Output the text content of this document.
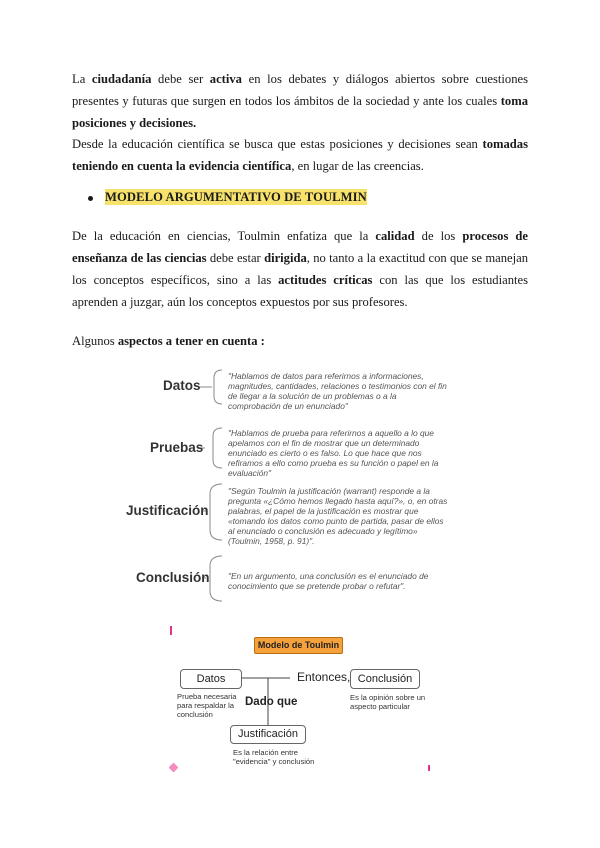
La ciudadanía debe ser activa en los debates y diálogos abiertos sobre cuestiones presentes y futuras que surgen en todos los ámbitos de la sociedad y ante los cuales toma posiciones y decisiones.

Desde la educación científica se busca que estas posiciones y decisiones sean tomadas teniendo en cuenta la evidencia científica, en lugar de las creencias.

MODELO ARGUMENTATIVO DE TOULMIN

De la educación en ciencias, Toulmin enfatiza que la calidad de los procesos de enseñanza de las ciencias debe estar dirigida, no tanto a la exactitud con que se manejan los conceptos específicos, sino a las actitudes críticas con las que los estudiantes aprenden a juzgar, aún los conceptos expuestos por sus profesores.

Algunos aspectos a tener en cuenta :

Datos
"Hablamos de datos para referirnos a informaciones, magnitudes, cantidades, relaciones o testimonios con el fin de llegar a la solución de un problemas o a la comprobación de un enunciado"
Pruebas
"Hablamos de prueba para referirnos a aquello a lo que apelamos con el fin de mostrar que un determinado enunciado es cierto o es falso. Lo que hace que nos refiramos a ello como prueba es su función o papel en la evaluación"
Justificación
"Según Toulmin la justificación (warrant) responde a la pregunta «¿Cómo hemos llegado hasta aquí?», o, en otras palabras, el papel de la justificación es mostrar que «tomando los datos como punto de partida, pasar de ellos al enunciado o conclusión es adecuado y legítimo» (Toulmin, 1958, p. 91)".
Conclusión "En un argumento, una conclusión es el enunciado de conocimiento que se pretende probar o refutar".
Modelo de Toulmin
Datos	Entonces, Conclusión
Dado que
Justificación
Prueba necesaria para respaldar la conclusión
Es la opinión sobre un aspecto particular
Es la relación entre "evidencia" y conclusión
